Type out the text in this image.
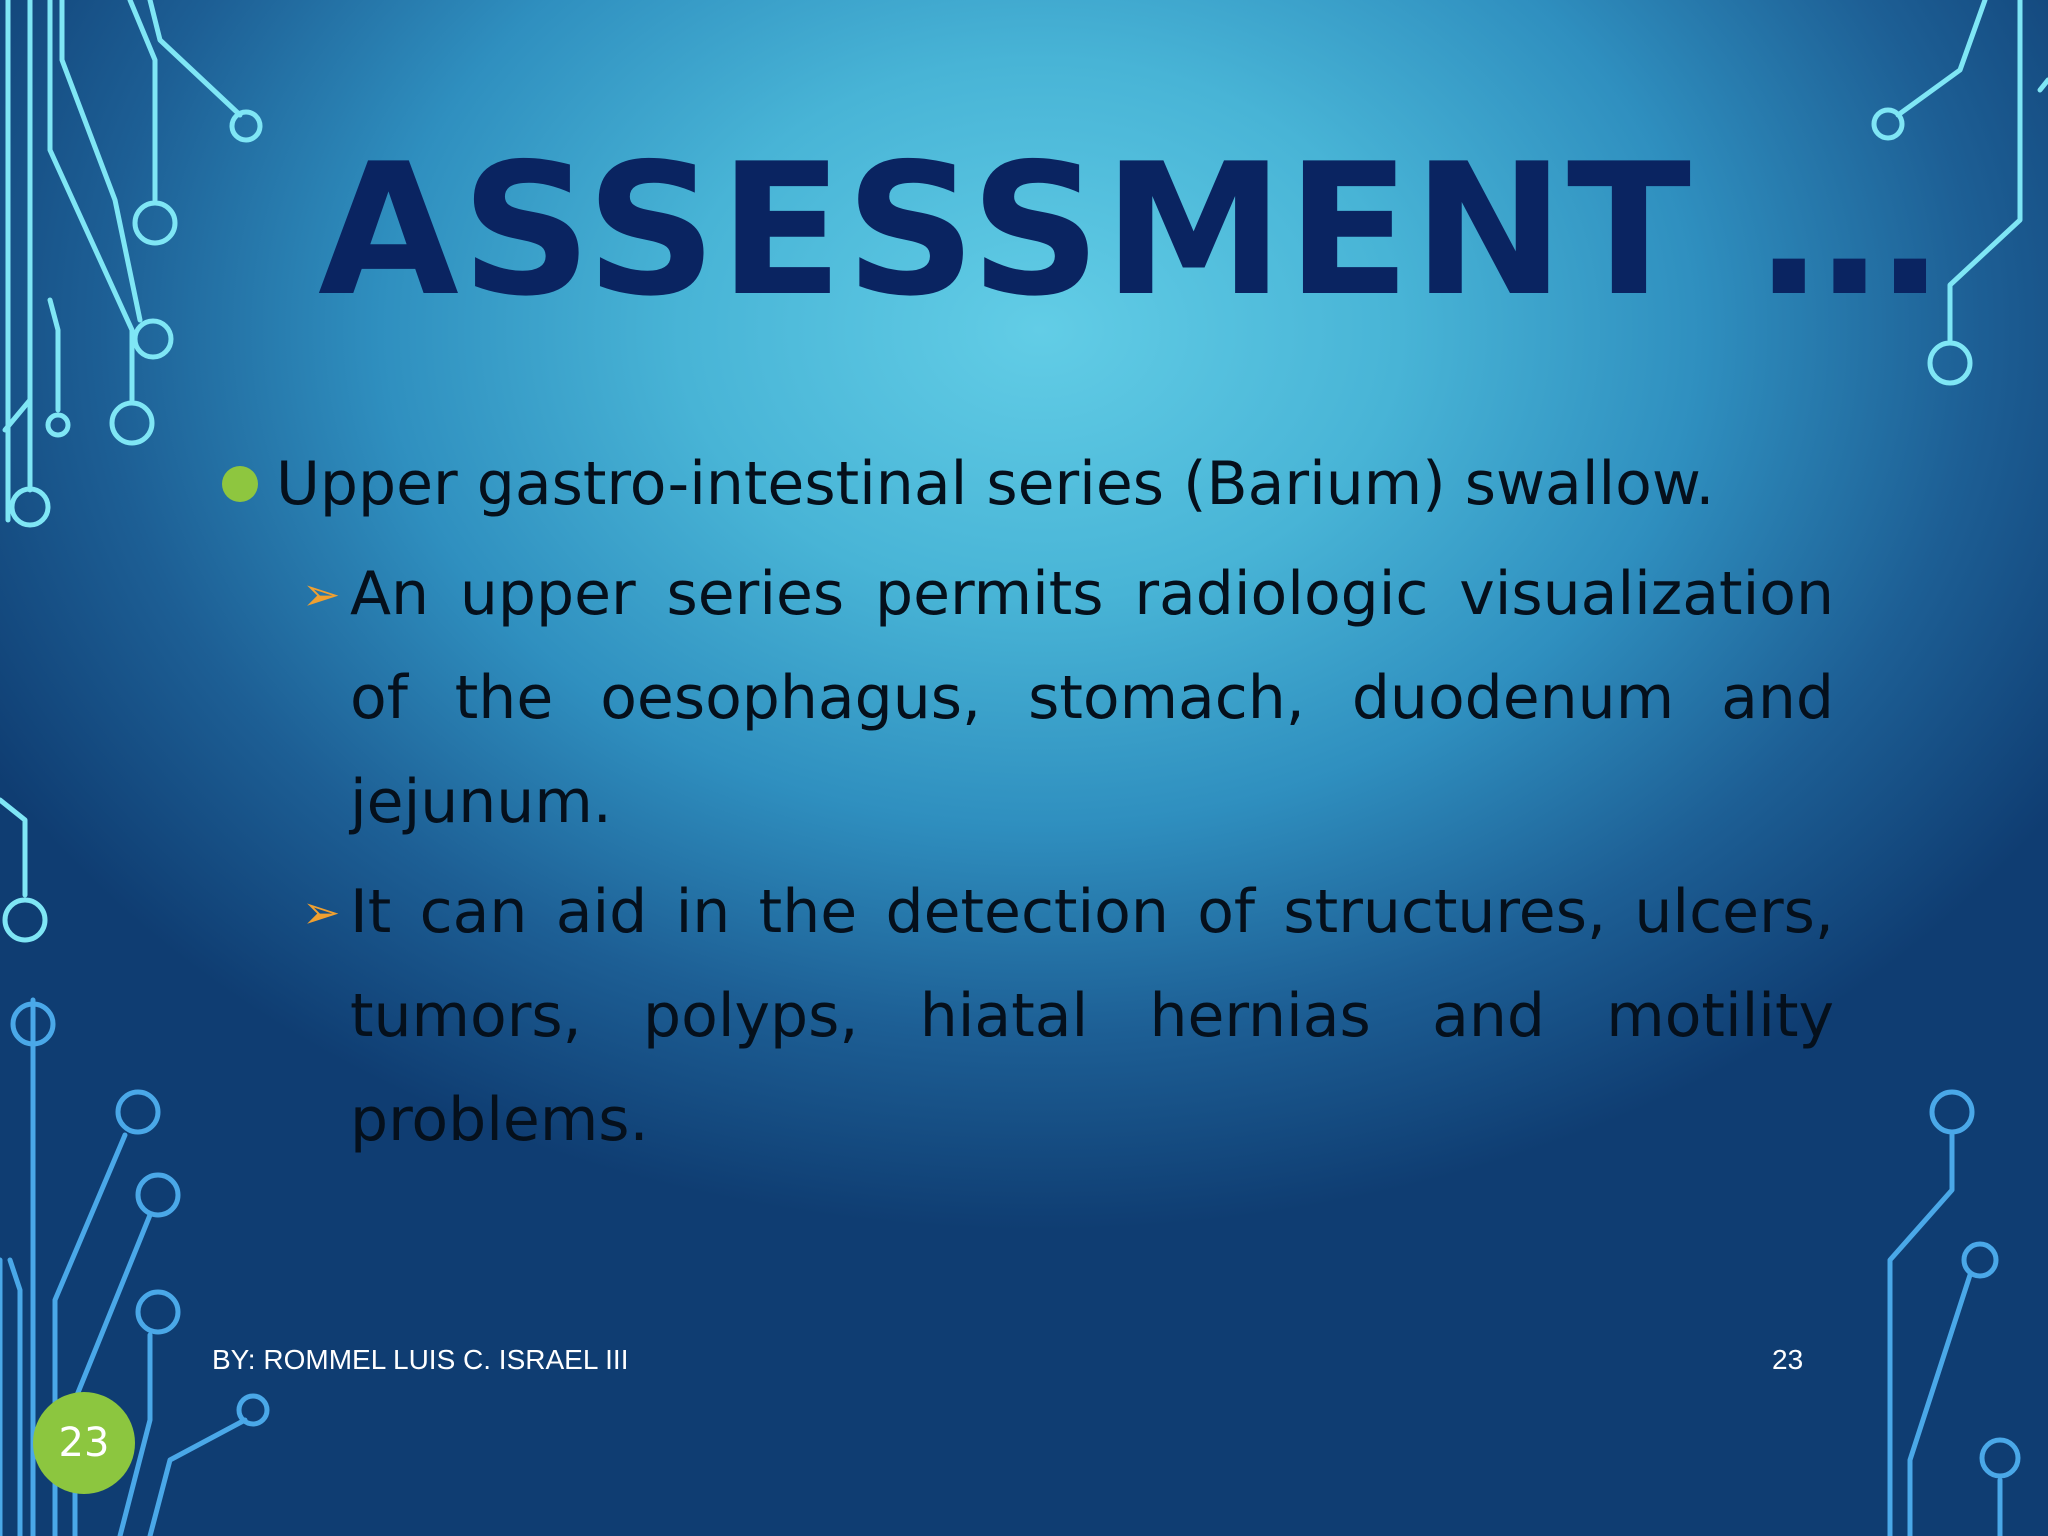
ASSESSMENT …
Upper gastro-intestinal series (Barium) swallow.
➢ An upper series permits radiologic visualization of the oesophagus, stomach, duodenum and jejunum.
➢ It can aid in the detection of structures, ulcers, tumors, polyps, hiatal hernias and motility problems.
BY: ROMMEL LUIS C. ISRAEL III	23
23
